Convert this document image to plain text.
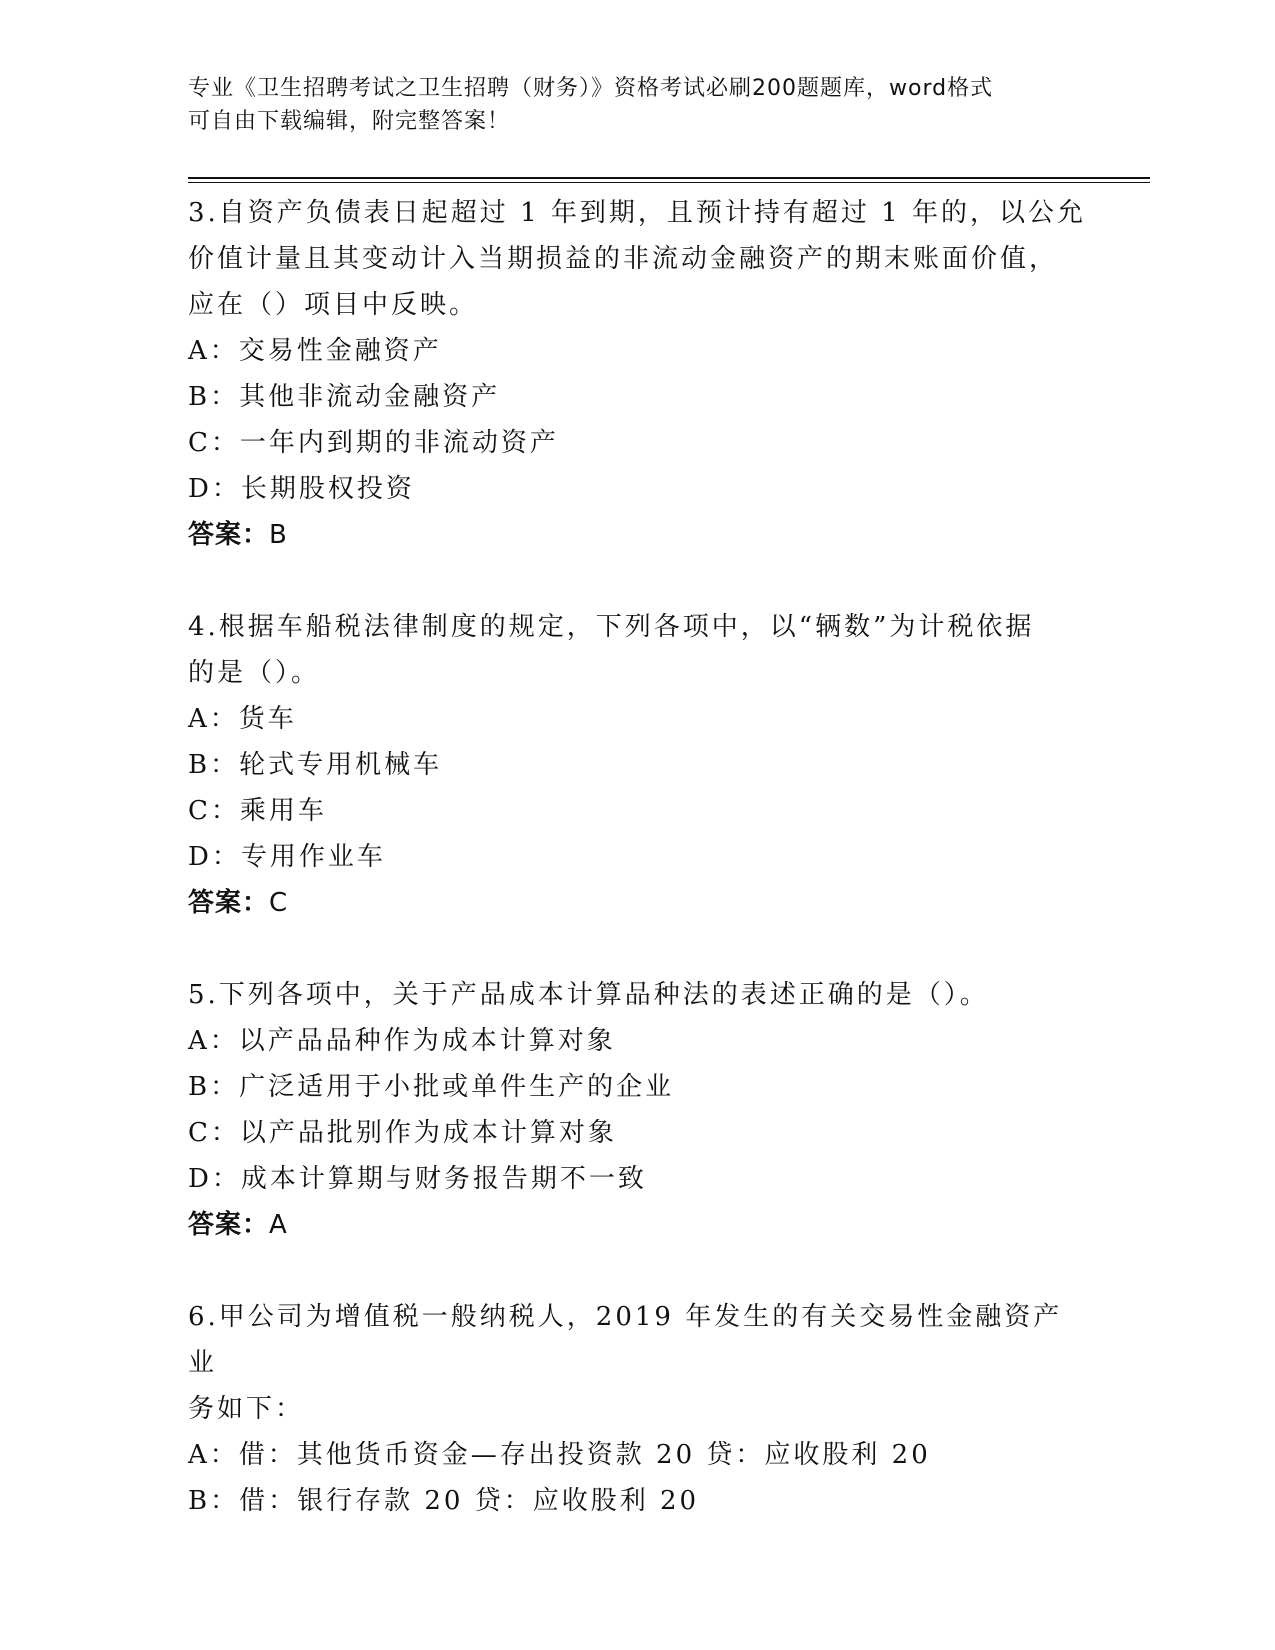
专业《卫生招聘考试之卫生招聘（财务）》资格考试必刷200题题库，word格式
可自由下载编辑，附完整答案！
3.自资产负债表日起超过 1 年到期，且预计持有超过 1 年的，以公允
价值计量且其变动计入当期损益的非流动金融资产的期末账面价值，
应在（）项目中反映。
A：交易性金融资产
B：其他非流动金融资产
C：一年内到期的非流动资产
D：长期股权投资
答案：B
4.根据车船税法律制度的规定，下列各项中，以“辆数”为计税依据
的是（）。
A：货车
B：轮式专用机械车
C：乘用车
D：专用作业车
答案：C
5.下列各项中，关于产品成本计算品种法的表述正确的是（）。
A：以产品品种作为成本计算对象
B：广泛适用于小批或单件生产的企业
C：以产品批别作为成本计算对象
D：成本计算期与财务报告期不一致
答案：A
6.甲公司为增值税一般纳税人，2019 年发生的有关交易性金融资产业
务如下：
A：借：其他货币资金—存出投资款 20 贷：应收股利 20
B：借：银行存款 20 贷：应收股利 20
